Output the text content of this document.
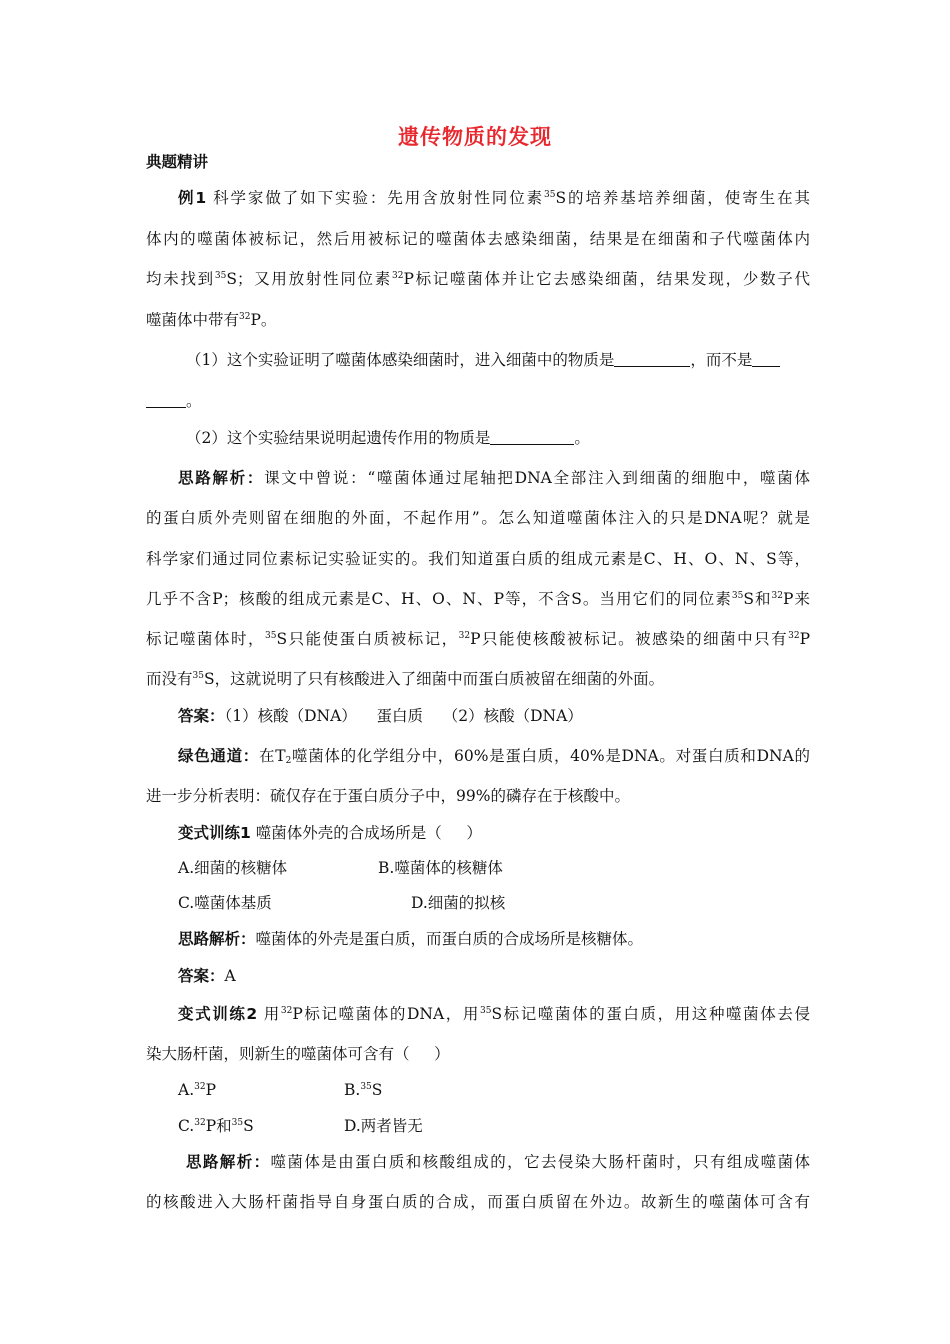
遗传物质的发现
典题精讲
例1 科学家做了如下实验：先用含放射性同位素$^{35}$S的培养基培养细菌，使寄生在其
体内的噬菌体被标记，然后用被标记的噬菌体去感染细菌，结果是在细菌和子代噬菌体内
均未找到$^{35}$S；又用放射性同位素$^{32}$P标记噬菌体并让它去感染细菌，结果发现，少数子代
噬菌体中带有$^{32}$P。
（1）这个实验证明了噬菌体感染细菌时，进入细菌中的物质是	，而不是
。
（2）这个实验结果说明起遗传作用的物质是	。
思路解析：课文中曾说：“噬菌体通过尾轴把DNA全部注入到细菌的细胞中，噬菌体
的蛋白质外壳则留在细胞的外面，不起作用”。怎么知道噬菌体注入的只是DNA呢？就是
科学家们通过同位素标记实验证实的。我们知道蛋白质的组成元素是C、H、O、N、S等，
几乎不含P；核酸的组成元素是C、H、O、N、P等，不含S。当用它们的同位素$^{35}$S和$^{32}$P来
标记噬菌体时，$^{35}$S只能使蛋白质被标记，$^{32}$P只能使核酸被标记。被感染的细菌中只有$^{32}$P
而没有$^{35}$S，这就说明了只有核酸进入了细菌中而蛋白质被留在细菌的外面。
答案：（1）核酸（DNA）    蛋白质    （2）核酸（DNA）
绿色通道：在$T_2$噬菌体的化学组分中，60%是蛋白质，40%是DNA。对蛋白质和DNA的
进一步分析表明：硫仅存在于蛋白质分子中，99%的磷存在于核酸中。
变式训练1 噬菌体外壳的合成场所是（     ）
A.细菌的核糖体	B.噬菌体的核糖体
C.噬菌体基质	D.细菌的拟核
思路解析：噬菌体的外壳是蛋白质，而蛋白质的合成场所是核糖体。
答案：A
变式训练2 用$^{32}$P标记噬菌体的DNA，用$^{35}$S标记噬菌体的蛋白质，用这种噬菌体去侵
染大肠杆菌，则新生的噬菌体可含有（     ）
A.$^{32}$P	B.$^{35}$S
C.$^{32}$P和$^{35}$S	D.两者皆无
思路解析：噬菌体是由蛋白质和核酸组成的，它去侵染大肠杆菌时，只有组成噬菌体
的核酸进入大肠杆菌指导自身蛋白质的合成，而蛋白质留在外边。故新生的噬菌体可含有
